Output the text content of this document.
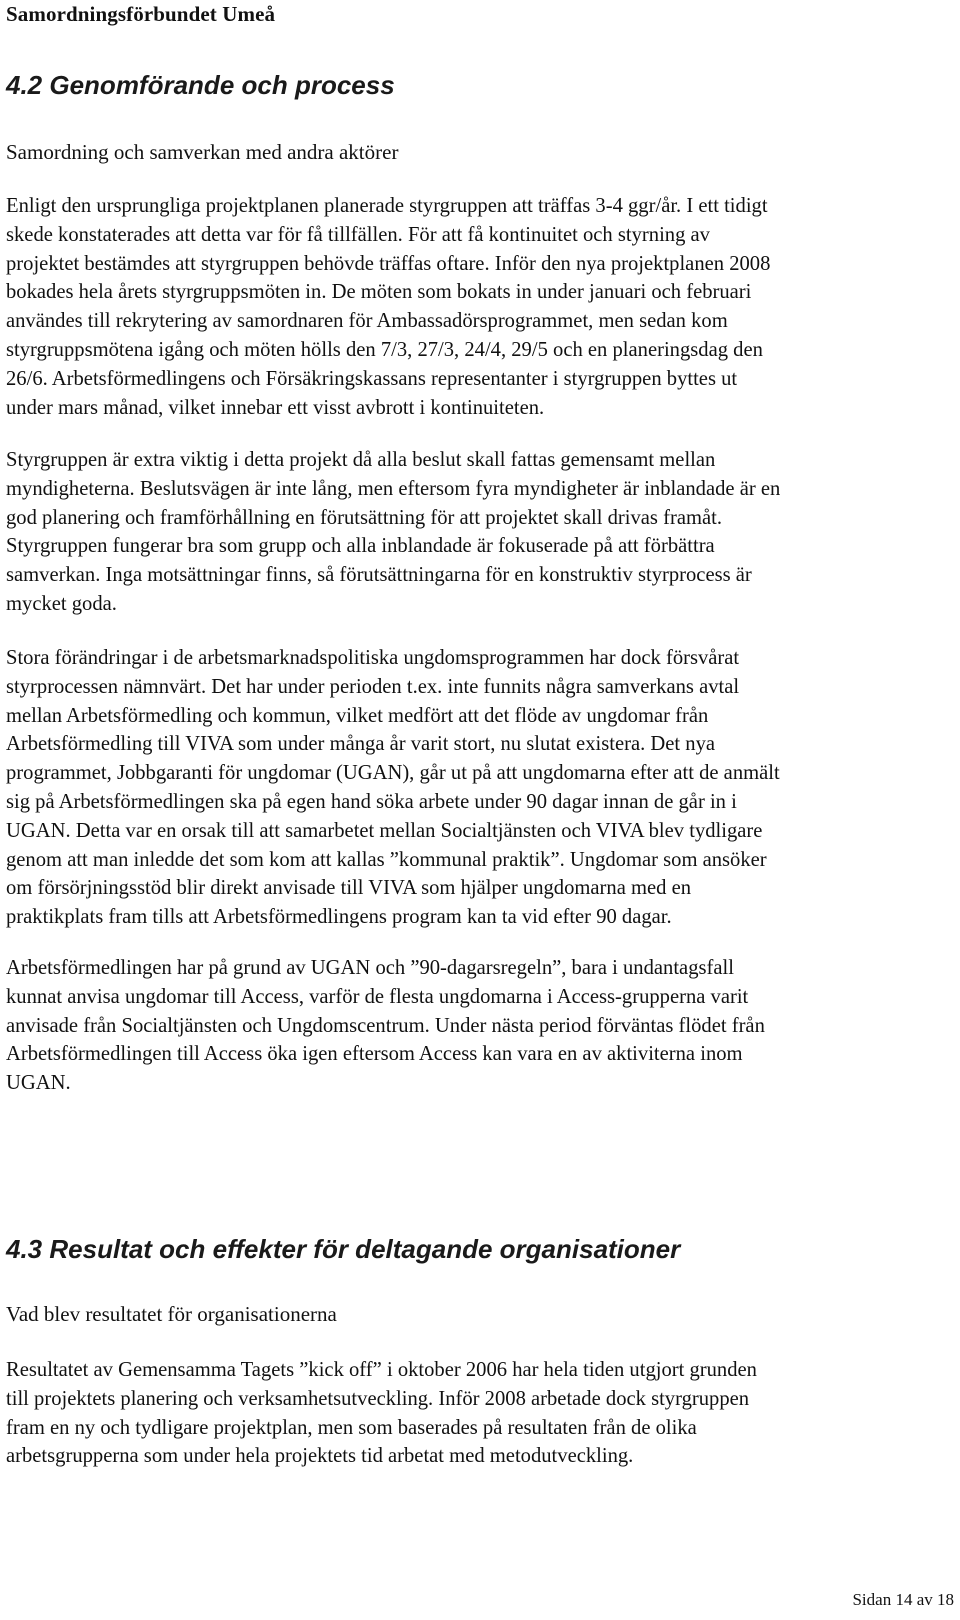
Samordningsförbundet Umeå
4.2 Genomförande och process
Samordning och samverkan med andra aktörer
Enligt den ursprungliga projektplanen planerade styrgruppen att träffas 3-4 ggr/år. I ett tidigt
skede konstaterades att detta var för få tillfällen. För att få kontinuitet och styrning av
projektet bestämdes att styrgruppen behövde träffas oftare. Inför den nya projektplanen 2008
bokades hela årets styrgruppsmöten in. De möten som bokats in under januari och februari
användes till rekrytering av samordnaren för Ambassadörsprogrammet, men sedan kom
styrgruppsmötena igång och möten hölls den 7/3, 27/3, 24/4, 29/5 och en planeringsdag den
26/6. Arbetsförmedlingens och Försäkringskassans representanter i styrgruppen byttes ut
under mars månad, vilket innebar ett visst avbrott i kontinuiteten.
Styrgruppen är extra viktig i detta projekt då alla beslut skall fattas gemensamt mellan
myndigheterna. Beslutsvägen är inte lång, men eftersom fyra myndigheter är inblandade är en
god planering och framförhållning en förutsättning för att projektet skall drivas framåt.
Styrgruppen fungerar bra som grupp och alla inblandade är fokuserade på att förbättra
samverkan. Inga motsättningar finns, så förutsättningarna för en konstruktiv styrprocess är
mycket goda.
Stora förändringar i de arbetsmarknadspolitiska ungdomsprogrammen har dock försvårat
styrprocessen nämnvärt. Det har under perioden t.ex. inte funnits några samverkans avtal
mellan Arbetsförmedling och kommun, vilket medfört att det flöde av ungdomar från
Arbetsförmedling till VIVA som under många år varit stort, nu slutat existera. Det nya
programmet, Jobbgaranti för ungdomar (UGAN), går ut på att ungdomarna efter att de anmält
sig på Arbetsförmedlingen ska på egen hand söka arbete under 90 dagar innan de går in i
UGAN. Detta var en orsak till att samarbetet mellan Socialtjänsten och VIVA blev tydligare
genom att man inledde det som kom att kallas ”kommunal praktik”. Ungdomar som ansöker
om försörjningsstöd blir direkt anvisade till VIVA som hjälper ungdomarna med en
praktikplats fram tills att Arbetsförmedlingens program kan ta vid efter 90 dagar.
Arbetsförmedlingen har på grund av UGAN och ”90-dagarsregeln”, bara i undantagsfall
kunnat anvisa ungdomar till Access, varför de flesta ungdomarna i Access-grupperna varit
anvisade från Socialtjänsten och Ungdomscentrum. Under nästa period förväntas flödet från
Arbetsförmedlingen till Access öka igen eftersom Access kan vara en av aktiviterna inom
UGAN.
4.3 Resultat och effekter för deltagande organisationer
Vad blev resultatet för organisationerna
Resultatet av Gemensamma Tagets ”kick off” i oktober 2006 har hela tiden utgjort grunden
till projektets planering och verksamhetsutveckling. Inför 2008 arbetade dock styrgruppen
fram en ny och tydligare projektplan, men som baserades på resultaten från de olika
arbetsgrupperna som under hela projektets tid arbetat med metodutveckling.
Sidan 14 av 18
